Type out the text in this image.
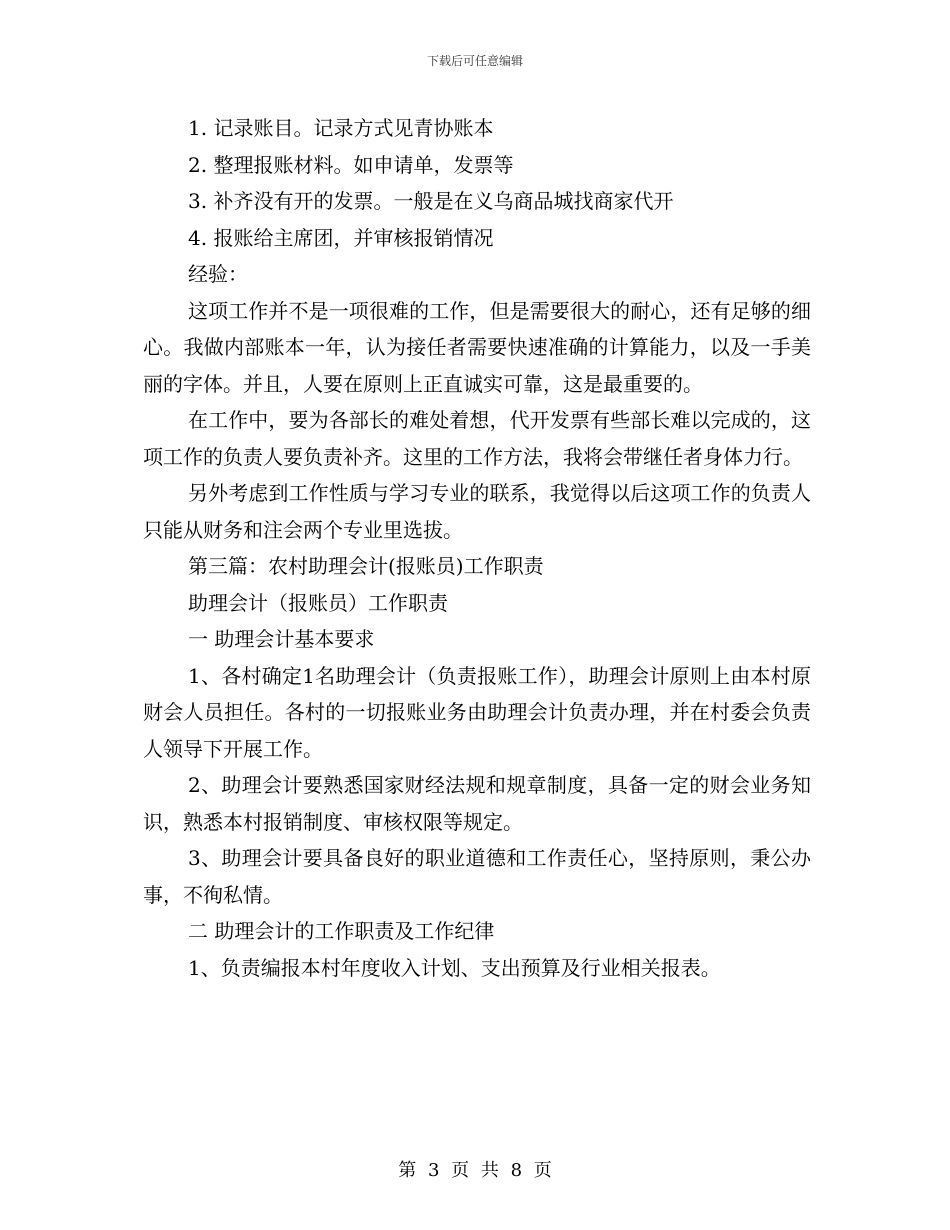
下载后可任意编辑

1. 记录账目。记录方式见青协账本

2. 整理报账材料。如申请单，发票等

3. 补齐没有开的发票。一般是在义乌商品城找商家代开

4. 报账给主席团，并审核报销情况

经验：

这项工作并不是一项很难的工作，但是需要很大的耐心，还有足够的细心。我做内部账本一年，认为接任者需要快速准确的计算能力，以及一手美丽的字体。并且，人要在原则上正直诚实可靠，这是最重要的。

在工作中，要为各部长的难处着想，代开发票有些部长难以完成的，这项工作的负责人要负责补齐。这里的工作方法，我将会带继任者身体力行。

另外考虑到工作性质与学习专业的联系，我觉得以后这项工作的负责人只能从财务和注会两个专业里选拔。

第三篇：农村助理会计(报账员)工作职责

助理会计（报账员）工作职责

一 助理会计基本要求

1、各村确定1名助理会计（负责报账工作），助理会计原则上由本村原财会人员担任。各村的一切报账业务由助理会计负责办理，并在村委会负责人领导下开展工作。

2、助理会计要熟悉国家财经法规和规章制度，具备一定的财会业务知识，熟悉本村报销制度、审核权限等规定。

3、助理会计要具备良好的职业道德和工作责任心，坚持原则，秉公办事，不徇私情。

二 助理会计的工作职责及工作纪律

1、负责编报本村年度收入计划、支出预算及行业相关报表。

第 3 页 共 8 页
